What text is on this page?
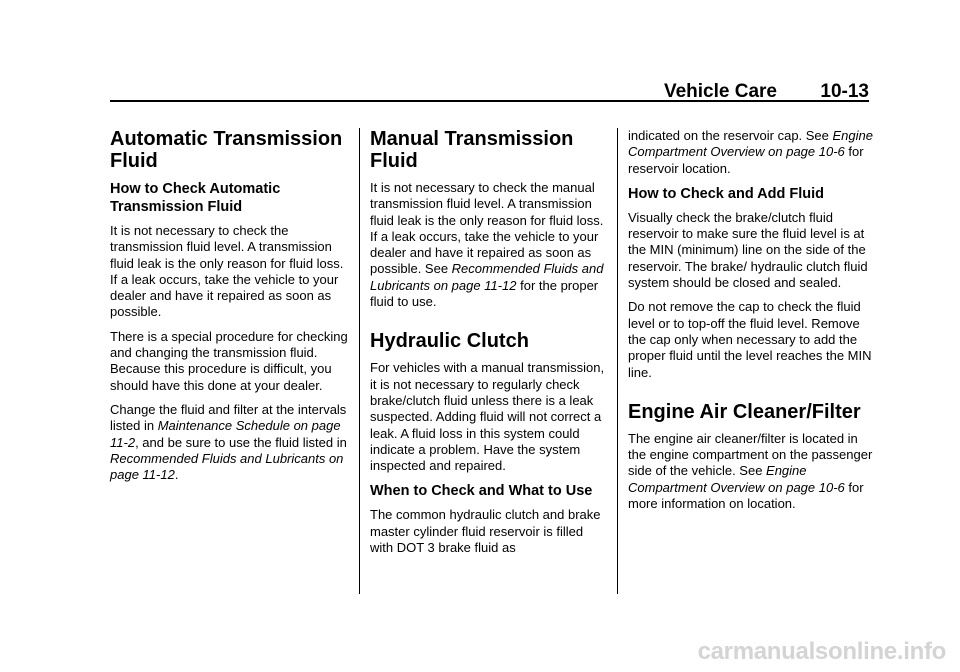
Vehicle Care 10-13
Automatic Transmission Fluid
How to Check Automatic Transmission Fluid

It is not necessary to check the transmission fluid level. A transmission fluid leak is the only reason for fluid loss. If a leak occurs, take the vehicle to your dealer and have it repaired as soon as possible.

There is a special procedure for checking and changing the transmission fluid. Because this procedure is difficult, you should have this done at your dealer.

Change the fluid and filter at the intervals listed in Maintenance Schedule on page 11-2, and be sure to use the fluid listed in Recommended Fluids and Lubricants on page 11-12.

Manual Transmission Fluid

It is not necessary to check the manual transmission fluid level. A transmission fluid leak is the only reason for fluid loss. If a leak occurs, take the vehicle to your dealer and have it repaired as soon as possible. See Recommended Fluids and Lubricants on page 11-12 for the proper fluid to use.

Hydraulic Clutch

For vehicles with a manual transmission, it is not necessary to regularly check brake/clutch fluid unless there is a leak suspected. Adding fluid will not correct a leak. A fluid loss in this system could indicate a problem. Have the system inspected and repaired.

When to Check and What to Use

The common hydraulic clutch and brake master cylinder fluid reservoir is filled with DOT 3 brake fluid as

indicated on the reservoir cap. See Engine Compartment Overview on page 10-6 for reservoir location.

How to Check and Add Fluid

Visually check the brake/clutch fluid reservoir to make sure the fluid level is at the MIN (minimum) line on the side of the reservoir. The brake/ hydraulic clutch fluid system should be closed and sealed.

Do not remove the cap to check the fluid level or to top-off the fluid level. Remove the cap only when necessary to add the proper fluid until the level reaches the MIN line.

Engine Air Cleaner/Filter

The engine air cleaner/filter is located in the engine compartment on the passenger side of the vehicle. See Engine Compartment Overview on page 10-6 for more information on location.

carmanualsonline.info
